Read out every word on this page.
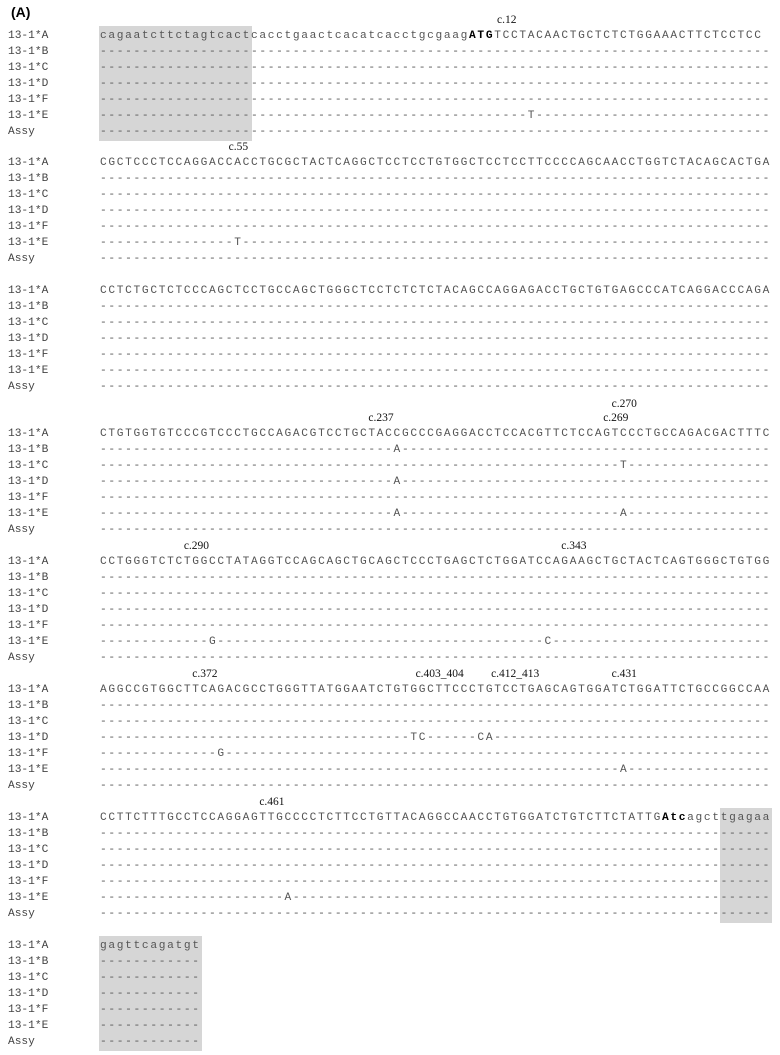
(A)	c.12
13-1*A	cagaatcttctagtcactcacctgaactcacatcacctgcgaagATGTCCTACAACTGCTCTCTGGAAACTTCTCCTCC
13-1*B	--------------------------------------------------------------------------------
13-1*C	--------------------------------------------------------------------------------
13-1*D	--------------------------------------------------------------------------------
13-1*F	--------------------------------------------------------------------------------
13-1*E	---------------------------------------------------T----------------------------
Assy	--------------------------------------------------------------------------------
c.55
13-1*A	CGCTCCCTCCAGGACCACCTGCGCTACTCAGGCTCCTCCTGTGGCTCCTCCTTCCCCAGCAACCTGGTCTACAGCACTGA
13-1*B	--------------------------------------------------------------------------------
13-1*C	--------------------------------------------------------------------------------
13-1*D	--------------------------------------------------------------------------------
13-1*F	--------------------------------------------------------------------------------
13-1*E	----------------T---------------------------------------------------------------
Assy	--------------------------------------------------------------------------------
13-1*A	CCTCTGCTCTCCCAGCTCCTGCCAGCTGGGCTCCTCTCTCTACAGCCAGGAGACCTGCTGTGAGCCCATCAGGACCCAGA
13-1*B	--------------------------------------------------------------------------------
13-1*C	--------------------------------------------------------------------------------
13-1*D	--------------------------------------------------------------------------------
13-1*F	--------------------------------------------------------------------------------
13-1*E	--------------------------------------------------------------------------------
Assy	--------------------------------------------------------------------------------
c.237
c.270
c.269
13-1*A	CTGTGGTGTCCCGTCCCTGCCAGACGTCCTGCTACCGCCCGAGGACCTCCACGTTCTCCAGTCCCTGCCAGACGACTTTC
13-1*B	-----------------------------------A--------------------------------------------
13-1*C	--------------------------------------------------------------T-----------------
13-1*D	-----------------------------------A--------------------------------------------
13-1*F	--------------------------------------------------------------------------------
13-1*E	-----------------------------------A--------------------------A-----------------
Assy	--------------------------------------------------------------------------------
c.290	c.343
13-1*A	CCTGGGTCTCTGGCCTATAGGTCCAGCAGCTGCAGCTCCCTGAGCTCTGGATCCAGAAGCTGCTACTCAGTGGGCTGTGG
13-1*B	--------------------------------------------------------------------------------
13-1*C	--------------------------------------------------------------------------------
13-1*D	--------------------------------------------------------------------------------
13-1*F	--------------------------------------------------------------------------------
13-1*E	-------------G---------------------------------------C--------------------------
Assy	--------------------------------------------------------------------------------
c.372	c.403_404 c.412_413	c.431
13-1*A	AGGCCGTGGCTTCAGACGCCTGGGTTATGGAATCTGTGGCTTCCCTGTCCTGAGCAGTGGATCTGGATTCTGCCGGCCAA
13-1*B	--------------------------------------------------------------------------------
13-1*C	--------------------------------------------------------------------------------
13-1*D	-------------------------------------TC------CA---------------------------------
13-1*F	--------------G-----------------------------------------------------------------
13-1*E	--------------------------------------------------------------A-----------------
Assy	--------------------------------------------------------------------------------
c.461
13-1*A	CCTTCTTTGCCTCCAGGAGTTGCCCCTCTTCCTGTTACAGGCCAACCTGTGGATCTGTCTTCTATTGAtcagcttgagaa
13-1*B	--------------------------------------------------------------------------------
13-1*C	--------------------------------------------------------------------------------
13-1*D	--------------------------------------------------------------------------------
13-1*F	--------------------------------------------------------------------------------
13-1*E	----------------------A---------------------------------------------------------
Assy	--------------------------------------------------------------------------------
13-1*A	gagttcagatgt
13-1*B	------------
13-1*C	------------
13-1*D	------------
13-1*F	------------
13-1*E	------------
Assy	------------
